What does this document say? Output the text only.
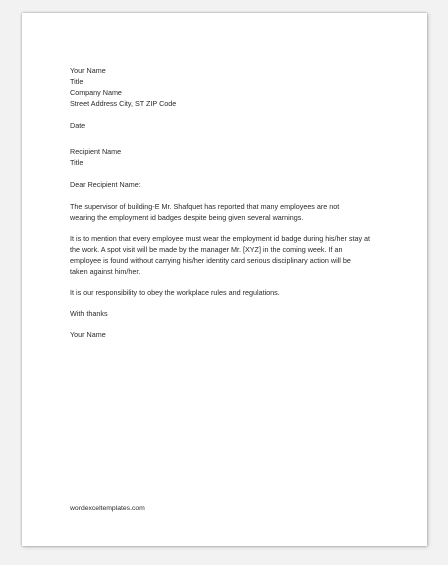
Your Name
Title
Company Name
Street Address City, ST ZIP Code
Date
Recipient Name
Title
Dear Recipient Name:
The supervisor of building-E Mr. Shafquet has reported that many employees are not
wearing the employment id badges despite being given several warnings.
It is to mention that every employee must wear the employment id badge during his/her stay at
the work. A spot visit will be made by the manager Mr. [XYZ] in the coming week. If an
employee is found without carrying his/her identity card serious disciplinary action will be
taken against him/her.
It is our responsibility to obey the workplace rules and regulations.
With thanks
Your Name
wordexceltemplates.com
